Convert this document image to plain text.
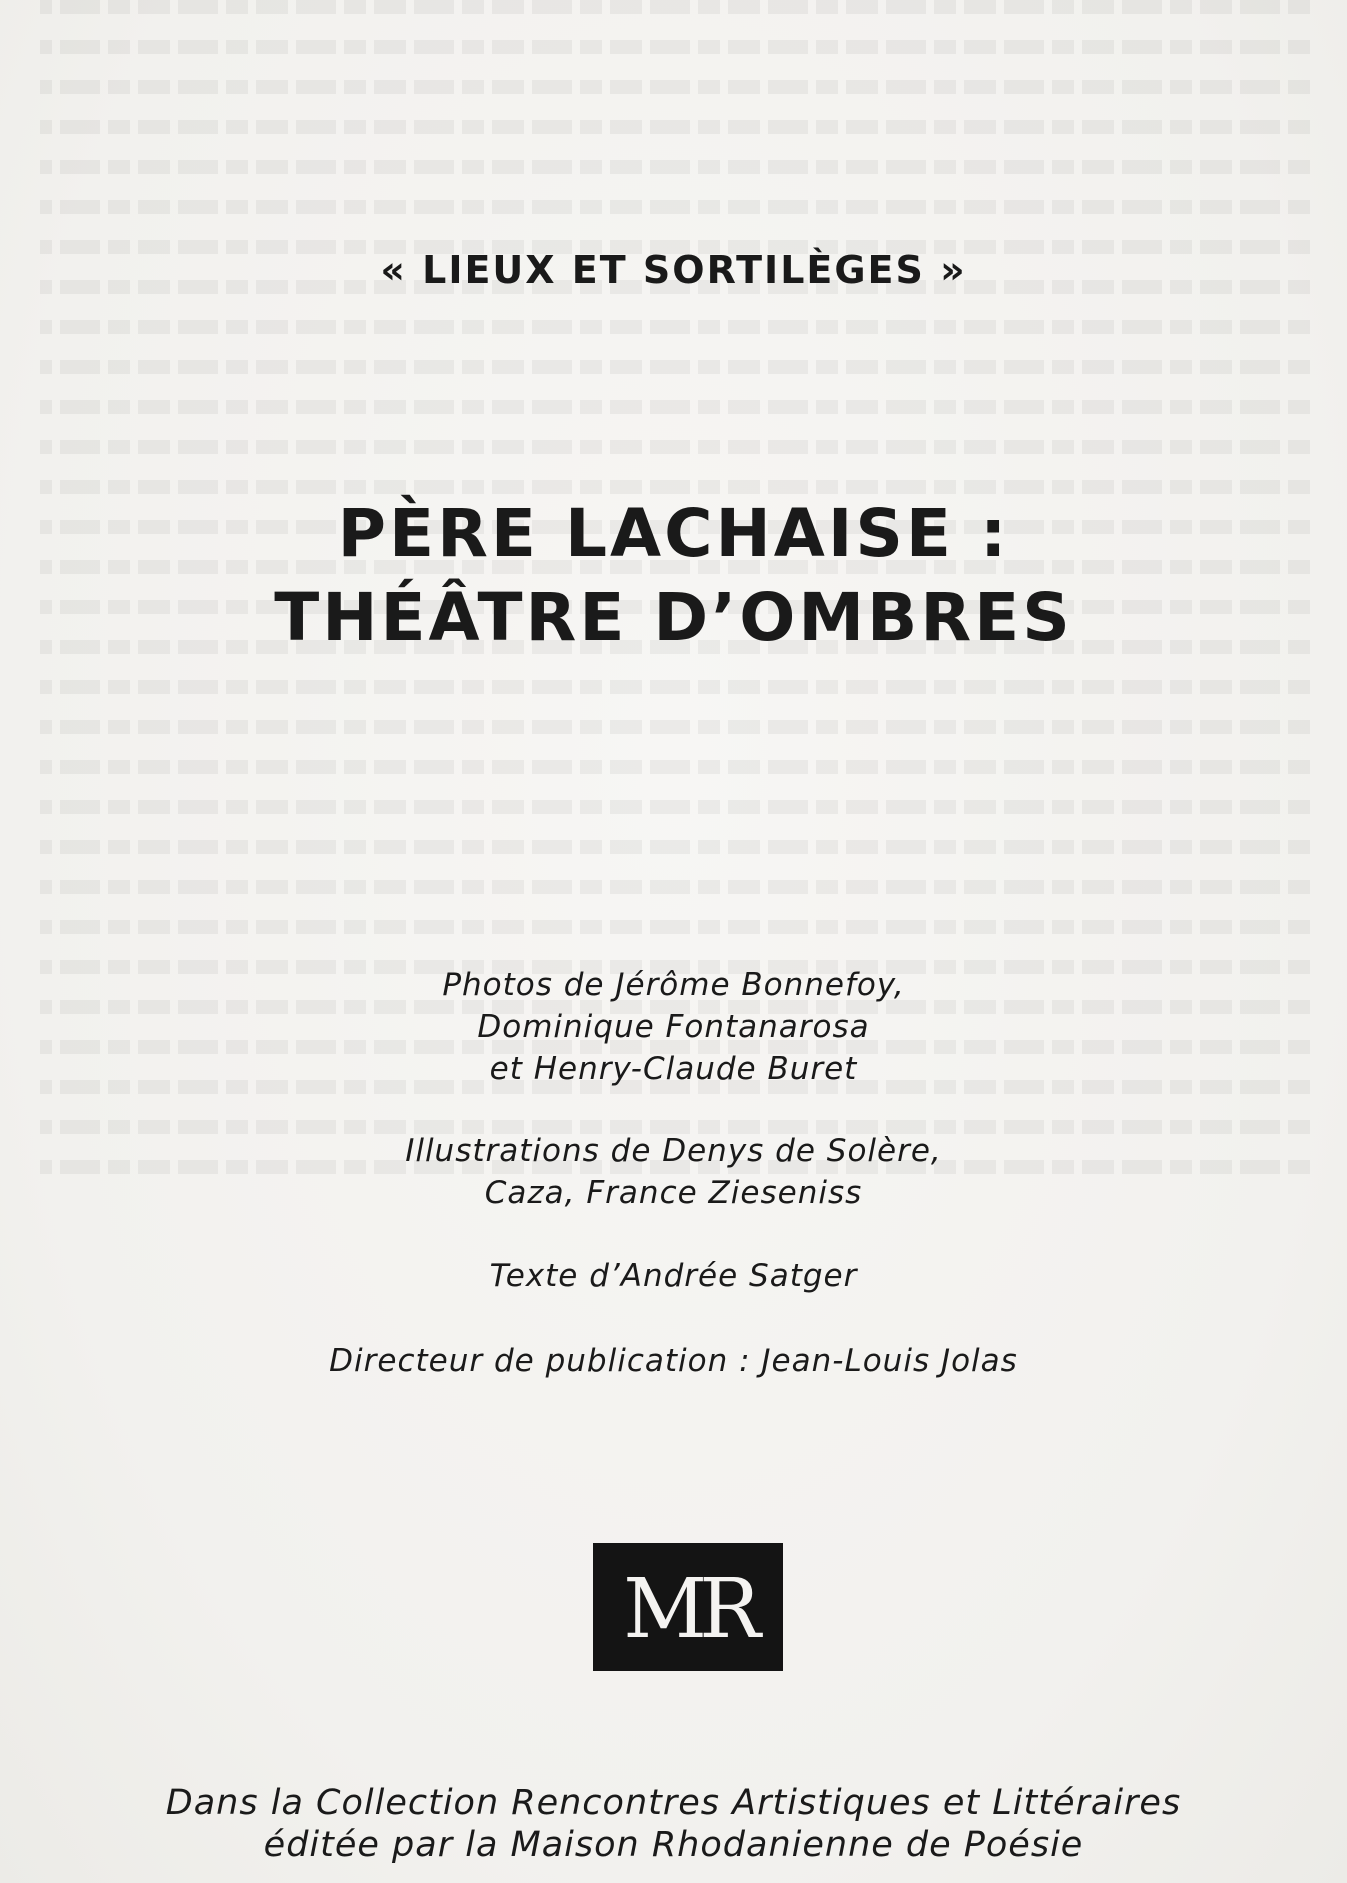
« LIEUX ET SORTILÈGES »
PÈRE LACHAISE :
THÉÂTRE D’OMBRES
Photos de Jérôme Bonnefoy,
Dominique Fontanarosa
et Henry-Claude Buret
Illustrations de Denys de Solère,
Caza, France Zieseniss
Texte d’Andrée Satger
Directeur de publication : Jean-Louis Jolas
MR
Dans la Collection Rencontres Artistiques et Littéraires
éditée par la Maison Rhodanienne de Poésie
